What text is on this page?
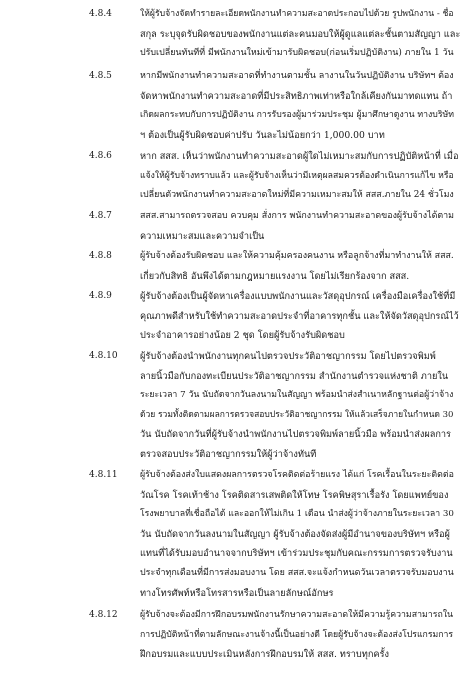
4.8.4	ให้ผู้รับจ้างจัดทำรายละเอียดพนักงานทำความสะอาดประกอบไปด้วย รูปพนักงาน - ชื่อ
สกุล ระบุจุดรับผิดชอบของพนักงานแต่ละคนมอบให้ผู้ดูแลแต่ละชั้นตามสัญญา และ
ปรับเปลี่ยนทันทีที่ มีพนักงานใหม่เข้ามารับผิดชอบ(ก่อนเริ่มปฏิบัติงาน) ภายใน 1 วัน
4.8.5	หากมีพนักงานทำความสะอาดที่ทำงานตามชั้น ลางานในวันปฏิบัติงาน บริษัทฯ ต้อง
จัดหาพนักงานทำความสะอาดที่มีประสิทธิภาพเท่าหรือใกล้เคียงกันมาทดแทน ถ้า
เกิดผลกระทบกับการปฏิบัติงาน การรับรองผู้มาร่วมประชุม ผู้มาศึกษาดูงาน ทางบริษัท
ฯ ต้องเป็นผู้รับผิดชอบค่าปรับ วันละไม่น้อยกว่า 1,000.00 บาท
4.8.6	หาก สสส. เห็นว่าพนักงานทำความสะอาดผู้ใดไม่เหมาะสมกับการปฏิบัติหน้าที่ เมื่อ
แจ้งให้ผู้รับจ้างทราบแล้ว และผู้รับจ้างเห็นว่ามีเหตุผลสมควรต้องดำเนินการแก้ไข หรือ
เปลี่ยนตัวพนักงานทำความสะอาดใหม่ที่มีความเหมาะสมให้ สสส.ภายใน 24 ชั่วโมง
4.8.7	สสส.สามารถตรวจสอบ ควบคุม สั่งการ พนักงานทำความสะอาดของผู้รับจ้างได้ตาม
ความเหมาะสมและความจำเป็น
4.8.8	ผู้รับจ้างต้องรับผิดชอบ และให้ความคุ้มครองคนงาน หรือลูกจ้างที่มาทำงานให้ สสส.
เกี่ยวกับสิทธิ อันพึงได้ตามกฎหมายแรงงาน โดยไม่เรียกร้องจาก สสส.
4.8.9	ผู้รับจ้างต้องเป็นผู้จัดหาเครื่องแบบพนักงานและวัสดุอุปกรณ์ เครื่องมือเครื่องใช้ที่มี
คุณภาพดีสำหรับใช้ทำความสะอาดประจำที่อาคารทุกชั้น และให้จัดวัสดุอุปกรณ์ไว้
ประจำอาคารอย่างน้อย 2 ชุด โดยผู้รับจ้างรับผิดชอบ
4.8.10 ผู้รับจ้างต้องนำพนักงานทุกคนไปตรวจประวัติอาชญากรรม โดยไปตรวจพิมพ์
ลายนิ้วมือกับกองทะเบียนประวัติอาชญากรรม สำนักงานตำรวจแห่งชาติ ภายใน
ระยะเวลา 7 วัน นับถัดจากวันลงนามในสัญญา พร้อมนำส่งสำเนาหลักฐานต่อผู้ว่าจ้าง
ด้วย รวมทั้งติดตามผลการตรวจสอบประวัติอาชญากรรม ให้แล้วเสร็จภายในกำหนด 30
วัน นับถัดจากวันที่ผู้รับจ้างนำพนักงานไปตรวจพิมพ์ลายนิ้วมือ พร้อมนำส่งผลการ
ตรวจสอบประวัติอาชญากรรมให้ผู้ว่าจ้างทันที
4.8.11	ผู้รับจ้างต้องส่งใบแสดงผลการตรวจโรคติดต่อร้ายแรง ได้แก่ โรคเรื้อนในระยะติดต่อ
วัณโรค โรคเท้าช้าง โรคติดสารเสพติดให้โทษ โรคพิษสุราเรื้อรัง โดยแพทย์ของ
โรงพยาบาลที่เชื่อถือได้ และออกให้ไม่เกิน 1 เดือน นำส่งผู้ว่าจ้างภายในระยะเวลา 30
วัน นับถัดจากวันลงนามในสัญญา ผู้รับจ้างต้องจัดส่งผู้มีอำนาจของบริษัทฯ หรือผู้
แทนที่ได้รับมอบอำนาจจากบริษัทฯ เข้าร่วมประชุมกับคณะกรรมการตรวจรับงาน
ประจำทุกเดือนที่มีการส่งมอบงาน โดย สสส.จะแจ้งกำหนดวันเวลาตรวจรับมอบงาน
ทางโทรศัพท์หรือโทรสารหรือเป็นลายลักษณ์อักษร
4.8.12	ผู้รับจ้างจะต้องมีการฝึกอบรมพนักงานรักษาความสะอาดให้มีความรู้ความสามารถใน
การปฏิบัติหน้าที่ตามลักษณะงานจ้างนี้เป็นอย่างดี โดยผู้รับจ้างจะต้องส่งโปรแกรมการ
ฝึกอบรมและแบบประเมินหลังการฝึกอบรมให้ สสส. ทราบทุกครั้ง
